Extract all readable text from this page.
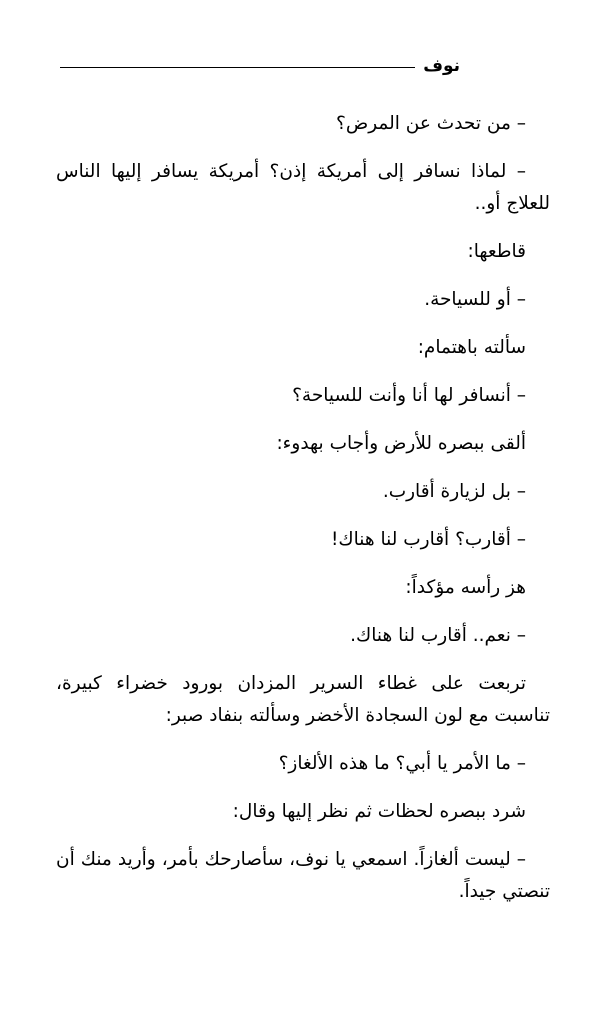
نوف

– من تحدث عن المرض؟

– لماذا نسافر إلى أمريكة إذن؟ أمريكة يسافر إليها الناس للعلاج أو..

قاطعها:

– أو للسياحة.

سألته باهتمام:

– أنسافر لها أنا وأنت للسياحة؟

ألقى ببصره للأرض وأجاب بهدوء:

– بل لزيارة أقارب.

– أقارب؟ أقارب لنا هناك!

هز رأسه مؤكداً:

– نعم.. أقارب لنا هناك.

تربعت على غطاء السرير المزدان بورود خضراء كبيرة، تناسبت مع لون السجادة الأخضر وسألته بنفاد صبر:

– ما الأمر يا أبي؟ ما هذه الألغاز؟

شرد ببصره لحظات ثم نظر إليها وقال:

– ليست ألغازاً. اسمعي يا نوف، سأصارحك بأمر، وأريد منك أن تنصتي جيداً.
